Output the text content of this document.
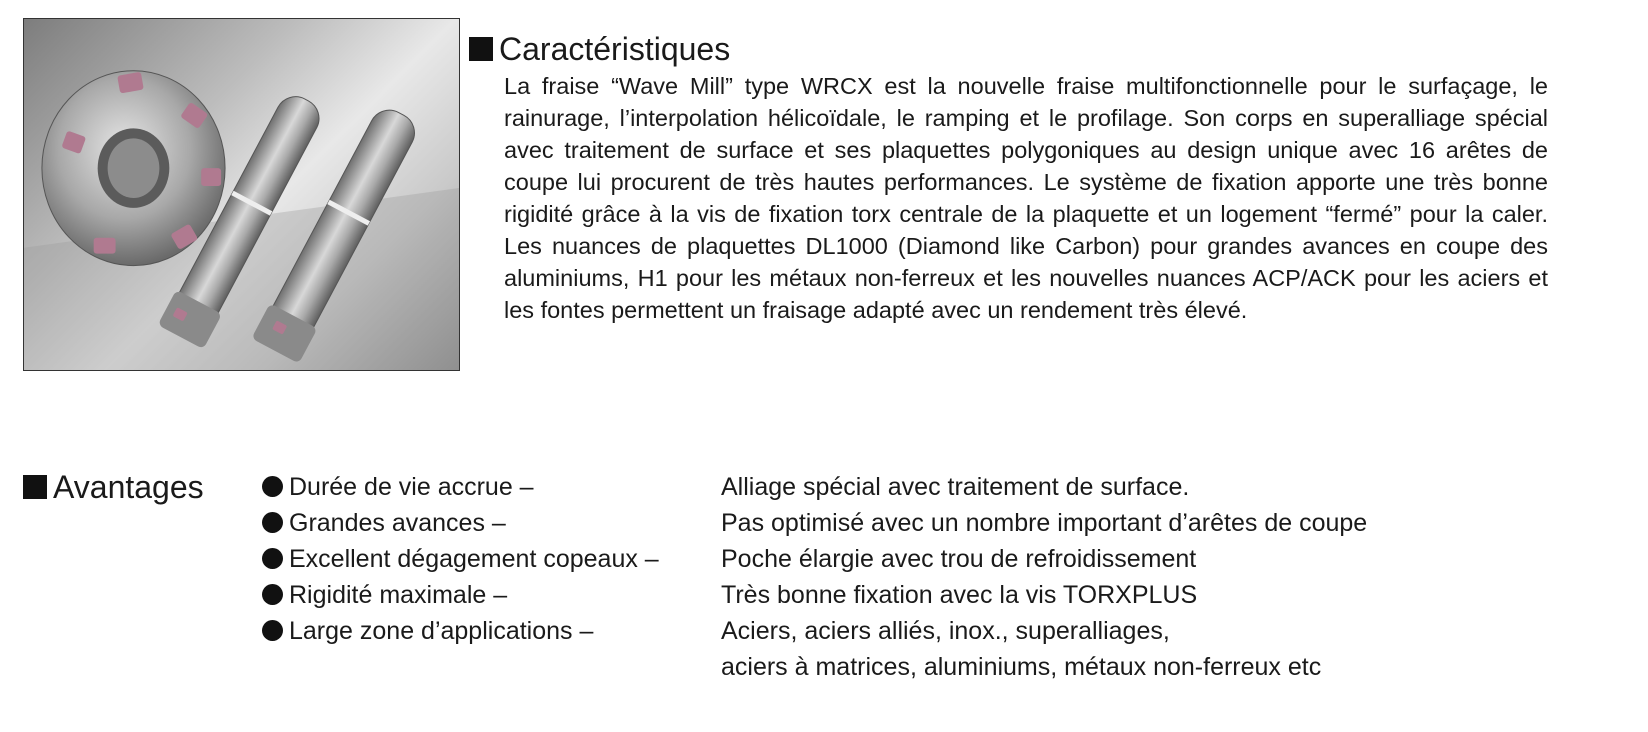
Caractéristiques

La fraise “Wave Mill” type WRCX est la nouvelle fraise multifonctionnelle pour le surfaçage, le rainurage, l’interpolation hélicoïdale, le ramping et le profilage. Son corps en superalliage spécial avec traitement de surface et ses plaquettes polygoniques au design unique avec 16 arêtes de coupe lui procurent de très hautes performances. Le système de fixation apporte une très bonne rigidité grâce à la vis de fixation torx centrale de la plaquette et un logement “fermé” pour la caler. Les nuances de plaquettes DL1000 (Diamond like Carbon) pour grandes avances en coupe des aluminiums, H1 pour les métaux non-ferreux et les nouvelles nuances ACP/ACK pour les aciers et les fontes permettent un fraisage adapté avec un rendement très élevé.

Avantages	Durée de vie accrue –	Alliage spécial avec traitement de surface.
Grandes avances –	Pas optimisé avec un nombre important d’arêtes de coupe
Excellent dégagement copeaux – Poche élargie avec trou de refroidissement
Rigidité maximale –	Très bonne fixation avec la vis TORXPLUS
Large zone d’applications –	Aciers, aciers alliés, inox., superalliages,
aciers à matrices, aluminiums, métaux non-ferreux etc
